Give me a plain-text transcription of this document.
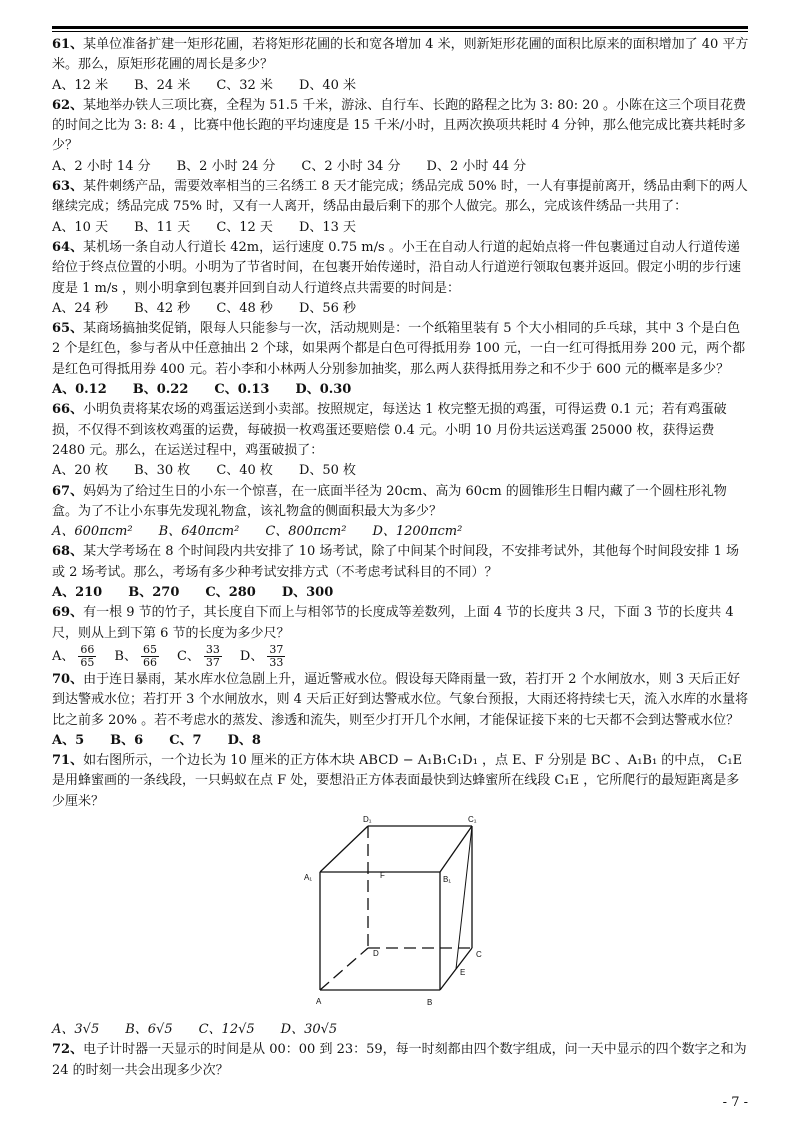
61、某单位准备扩建一矩形花圃，若将矩形花圃的长和宽各增加 4 米，则新矩形花圃的面积比原来的面积增加了 40 平方米。那么，原矩形花圃的周长是多少？

A、12 米 B、24 米 C、32 米 D、40 米

62、某地举办铁人三项比赛，全程为 51.5 千米，游泳、自行车、长跑的路程之比为 3: 80: 20 。小陈在这三个项目花费的时间之比为 3: 8: 4 ，比赛中他长跑的平均速度是 15 千米/小时，且两次换项共耗时 4 分钟，那么他完成比赛共耗时多少？

A、2 小时 14 分 B、2 小时 24 分 C、2 小时 34 分 D、2 小时 44 分

63、某件刺绣产品，需要效率相当的三名绣工 8 天才能完成；绣品完成 50% 时，一人有事提前离开，绣品由剩下的两人继续完成；绣品完成 75% 时，又有一人离开，绣品由最后剩下的那个人做完。那么，完成该件绣品一共用了：

A、10 天 B、11 天 C、12 天 D、13 天

64、某机场一条自动人行道长 42m，运行速度 0.75 m/s 。小王在自动人行道的起始点将一件包裹通过自动人行道传递给位于终点位置的小明。小明为了节省时间，在包裹开始传递时，沿自动人行道逆行领取包裹并返回。假定小明的步行速度是 1 m/s ，则小明拿到包裹并回到自动人行道终点共需要的时间是：

A、24 秒 B、42 秒 C、48 秒 D、56 秒

65、某商场搞抽奖促销，限每人只能参与一次，活动规则是：一个纸箱里装有 5 个大小相同的乒乓球，其中 3 个是白色 2 个是红色，参与者从中任意抽出 2 个球，如果两个都是白色可得抵用券 100 元，一白一红可得抵用券 200 元，两个都是红色可得抵用券 400 元。若小李和小林两人分别参加抽奖，那么两人获得抵用券之和不少于 600 元的概率是多少？

A、0.12 B、0.22 C、0.13 D、0.30

66、小明负责将某农场的鸡蛋运送到小卖部。按照规定，每送达 1 枚完整无损的鸡蛋，可得运费 0.1 元；若有鸡蛋破损，不仅得不到该枚鸡蛋的运费，每破损一枚鸡蛋还要赔偿 0.4 元。小明 10 月份共运送鸡蛋 25000 枚，获得运费 2480 元。那么，在运送过程中，鸡蛋破损了：

A、20 枚 B、30 枚 C、40 枚 D、50 枚

67、妈妈为了给过生日的小东一个惊喜，在一底面半径为 20cm、高为 60cm 的圆锥形生日帽内藏了一个圆柱形礼物盒。为了不让小东事先发现礼物盒，该礼物盒的侧面积最大为多少？

A、600πcm² B、640πcm² C、800πcm² D、1200πcm²

68、某大学考场在 8 个时间段内共安排了 10 场考试，除了中间某个时间段，不安排考试外，其他每个时间段安排 1 场或 2 场考试。那么，考场有多少种考试安排方式（不考虑考试科目的不同）？

A、210 B、270 C、280 D、300

69、有一根 9 节的竹子，其长度自下而上与相邻节的长度成等差数列，上面 4 节的长度共 3 尺，下面 3 节的长度共 4 尺，则从上到下第 6 节的长度为多少尺？

A、 $\frac{66}{65}$ B、 $\frac{65}{66}$ C、 $\frac{33}{37}$ D、 $\frac{37}{33}$

70、由于连日暴雨，某水库水位急剧上升，逼近警戒水位。假设每天降雨量一致，若打开 2 个水闸放水，则 3 天后正好到达警戒水位；若打开 3 个水闸放水，则 4 天后正好到达警戒水位。气象台预报，大雨还将持续七天，流入水库的水量将比之前多 20% 。若不考虑水的蒸发、渗透和流失，则至少打开几个水闸，才能保证接下来的七天都不会到达警戒水位？

A、5 B、6 C、7 D、8

71、如右图所示，一个边长为 10 厘米的正方体木块 ABCD − A₁B₁C₁D₁ ，点 E、F 分别是 BC 、A₁B₁ 的中点， C₁E 是用蜂蜜画的一条线段，一只蚂蚁在点 F 处，要想沿正方体表面最快到达蜂蜜所在线段 C₁E ，它所爬行的最短距离是多少厘米？

D₁	C₁
A₁	B₁
F
D	C
E
A	B
A、3√5 B、6√5 C、12√5 D、30√5

72、电子计时器一天显示的时间是从 00：00 到 23：59，每一时刻都由四个数字组成，问一天中显示的四个数字之和为 24 的时刻一共会出现多少次？

- 7 -
